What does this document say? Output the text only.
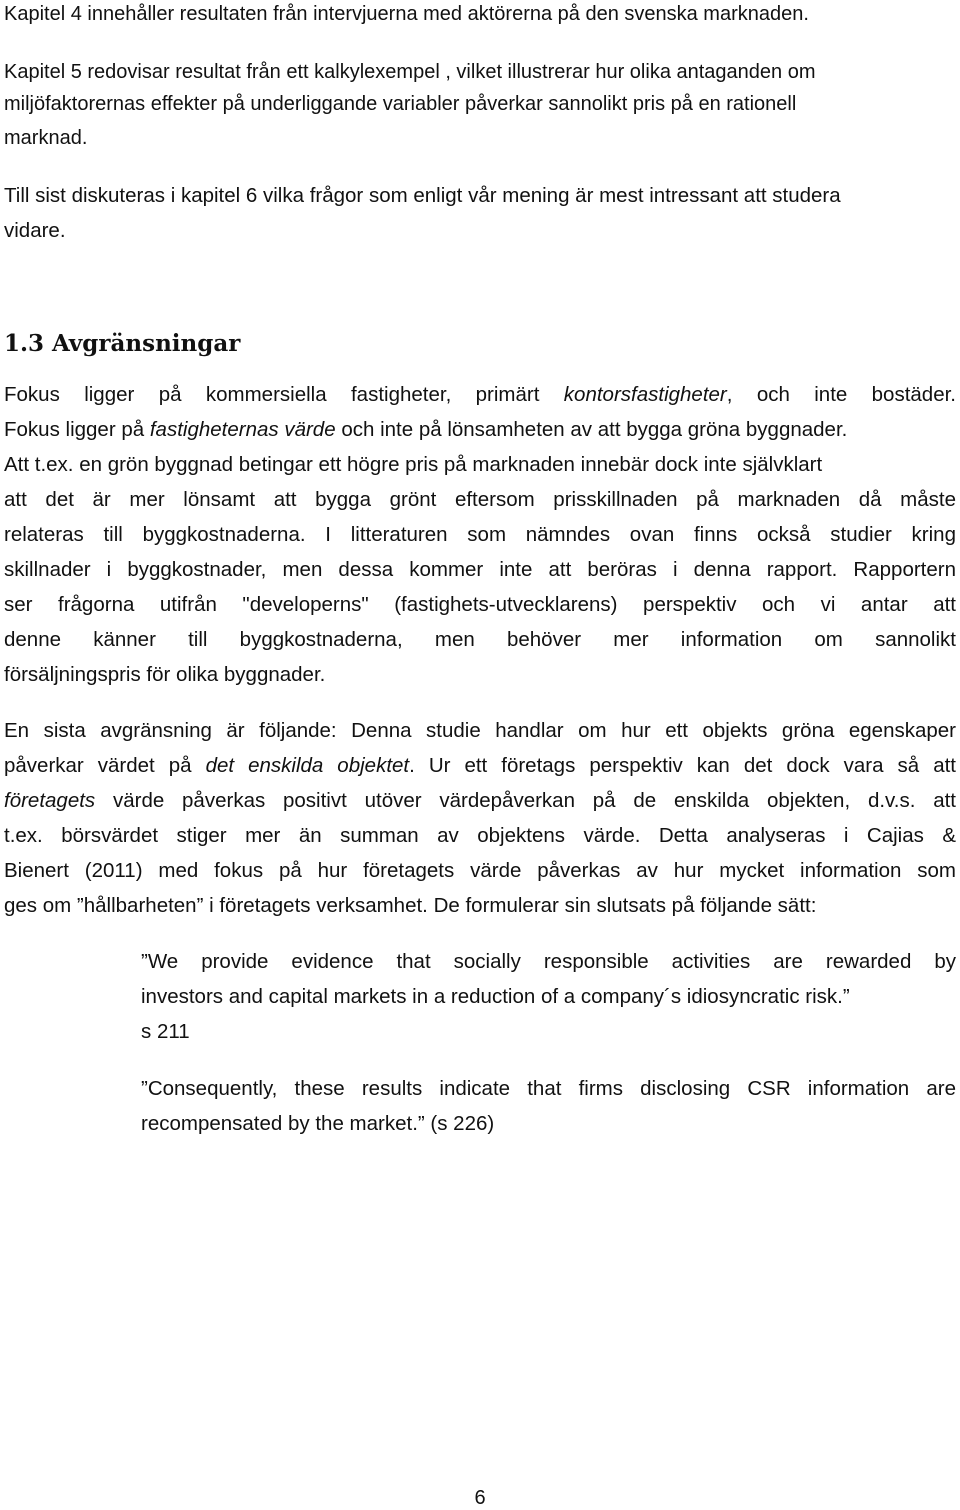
Kapitel 4 innehåller resultaten från intervjuerna med aktörerna på den svenska marknaden.
Kapitel 5 redovisar resultat från ett kalkylexempel , vilket illustrerar hur olika antaganden om
miljöfaktorernas effekter på underliggande variabler påverkar sannolikt pris på en rationell
marknad.
Till sist diskuteras i kapitel 6 vilka frågor som enligt vår mening är mest intressant att studera
vidare.
1.3 Avgränsningar
Fokus ligger på kommersiella fastigheter, primärt kontorsfastigheter, och inte bostäder.
Fokus ligger på fastigheternas värde och inte på lönsamheten av att bygga gröna byggnader.
Att t.ex. en grön byggnad betingar ett högre pris på marknaden innebär dock inte självklart
att det är mer lönsamt att bygga grönt eftersom prisskillnaden på marknaden då måste
relateras till byggkostnaderna. I litteraturen som nämndes ovan finns också studier kring
skillnader i byggkostnader, men dessa kommer inte att beröras i denna rapport. Rapportern
ser frågorna utifrån "developerns" (fastighets-utvecklarens) perspektiv och vi antar att
denne känner till byggkostnaderna, men behöver mer information om sannolikt
försäljningspris för olika byggnader.
En sista avgränsning är följande: Denna studie handlar om hur ett objekts gröna egenskaper
påverkar värdet på det enskilda objektet. Ur ett företags perspektiv kan det dock vara så att
företagets värde påverkas positivt utöver värdepåverkan på de enskilda objekten, d.v.s. att
t.ex. börsvärdet stiger mer än summan av objektens värde. Detta analyseras i Cajias &
Bienert (2011) med fokus på hur företagets värde påverkas av hur mycket information som
ges om ”hållbarheten” i företagets verksamhet. De formulerar sin slutsats på följande sätt:
”We provide evidence that socially responsible activities are rewarded by
investors and capital markets in a reduction of a company´s idiosyncratic risk.”
s 211
”Consequently, these results indicate that firms disclosing CSR information are
recompensated by the market.” (s 226)
6
